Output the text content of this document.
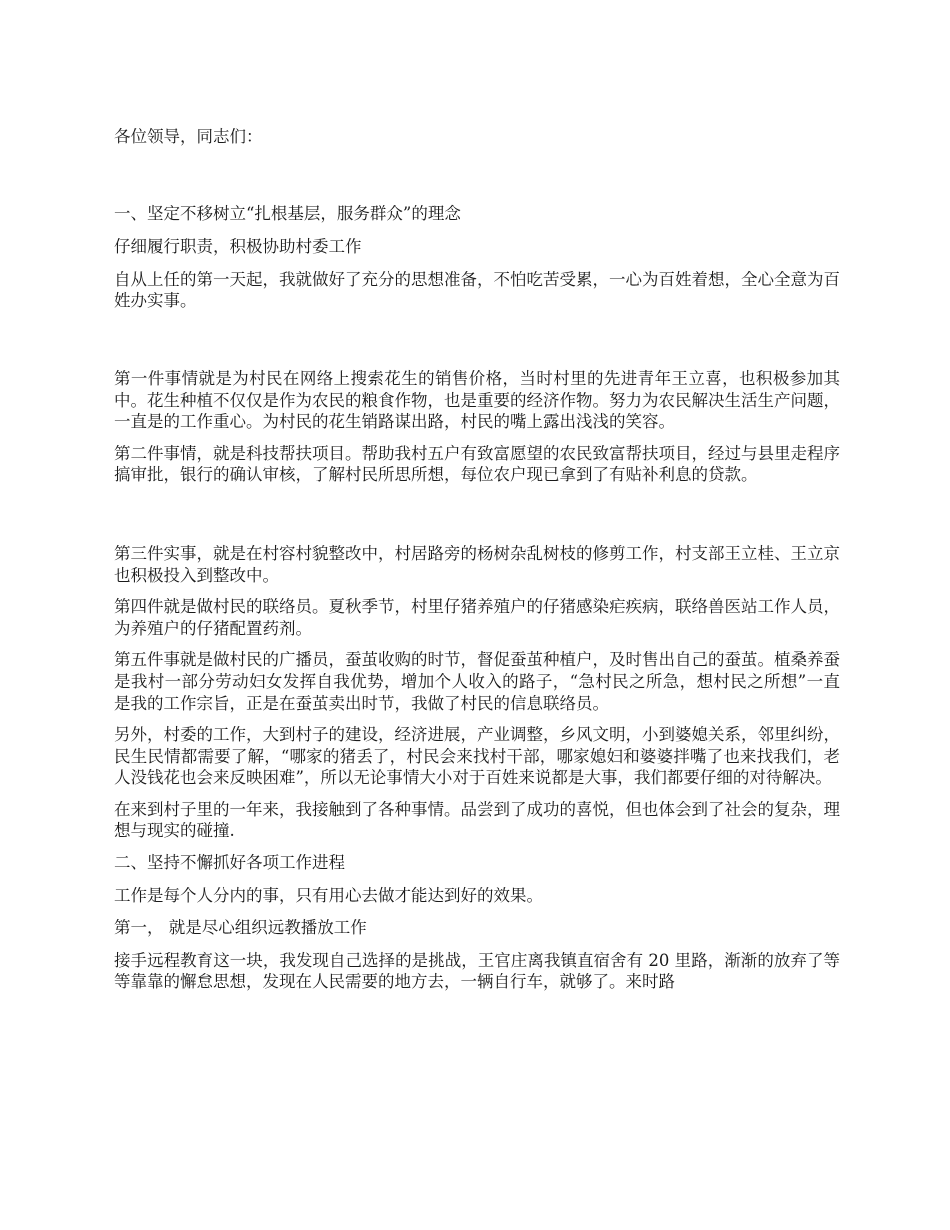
各位领导，同志们：

一、坚定不移树立“扎根基层，服务群众”的理念

仔细履行职责，积极协助村委工作

自从上任的第一天起，我就做好了充分的思想准备，不怕吃苦受累，一心为百姓着想，全心全意为百姓办实事。

第一件事情就是为村民在网络上搜索花生的销售价格，当时村里的先进青年王立喜，也积极参加其中。花生种植不仅仅是作为农民的粮食作物，也是重要的经济作物。努力为农民解决生活生产问题，一直是的工作重心。为村民的花生销路谋出路，村民的嘴上露出浅浅的笑容。

第二件事情，就是科技帮扶项目。帮助我村五户有致富愿望的农民致富帮扶项目，经过与县里走程序搞审批，银行的确认审核，了解村民所思所想，每位农户现已拿到了有贴补利息的贷款。

第三件实事，就是在村容村貌整改中，村居路旁的杨树杂乱树枝的修剪工作，村支部王立桂、王立京也积极投入到整改中。

第四件就是做村民的联络员。夏秋季节，村里仔猪养殖户的仔猪感染疟疾病，联络兽医站工作人员，为养殖户的仔猪配置药剂。

第五件事就是做村民的广播员，蚕茧收购的时节，督促蚕茧种植户，及时售出自己的蚕茧。植桑养蚕是我村一部分劳动妇女发挥自我优势，增加个人收入的路子，“急村民之所急，想村民之所想”一直是我的工作宗旨，正是在蚕茧卖出时节，我做了村民的信息联络员。

另外，村委的工作，大到村子的建设，经济进展，产业调整，乡风文明，小到婆媳关系，邻里纠纷，民生民情都需要了解，“哪家的猪丢了，村民会来找村干部，哪家媳妇和婆婆拌嘴了也来找我们，老人没钱花也会来反映困难”，所以无论事情大小对于百姓来说都是大事，我们都要仔细的对待解决。

在来到村子里的一年来，我接触到了各种事情。品尝到了成功的喜悦，但也体会到了社会的复杂，理想与现实的碰撞.

二、坚持不懈抓好各项工作进程

工作是每个人分内的事，只有用心去做才能达到好的效果。

第一， 就是尽心组织远教播放工作

接手远程教育这一块，我发现自己选择的是挑战，王官庄离我镇直宿舍有 20 里路，渐渐的放弃了等等靠靠的懈怠思想，发现在人民需要的地方去，一辆自行车，就够了。来时路
